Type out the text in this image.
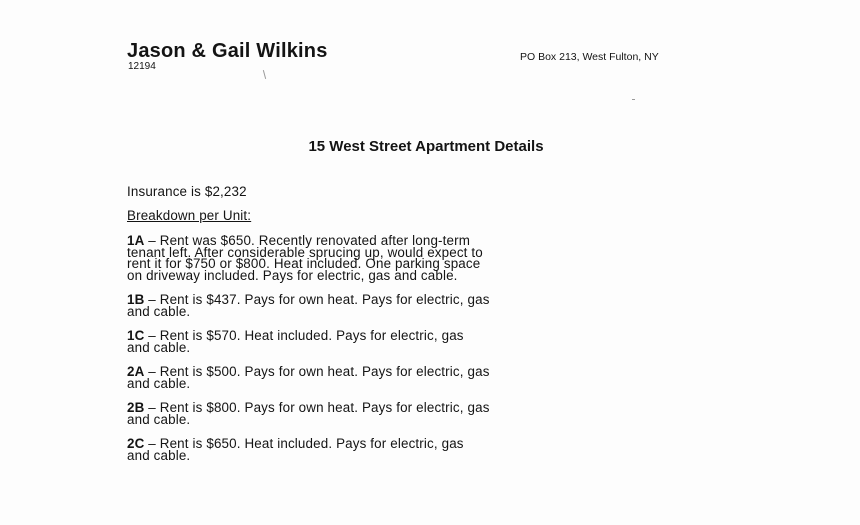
Jason & Gail Wilkins
12194
PO Box 213, West Fulton, NY
15 West Street Apartment Details
Insurance is $2,232
Breakdown per Unit:
1A – Rent was $650. Recently renovated after long-term
tenant left. After considerable sprucing up, would expect to
rent it for $750 or $800. Heat included. One parking space
on driveway included. Pays for electric, gas and cable.
1B – Rent is $437. Pays for own heat. Pays for electric, gas
and cable.
1C – Rent is $570. Heat included. Pays for electric, gas
and cable.
2A – Rent is $500. Pays for own heat. Pays for electric, gas
and cable.
2B – Rent is $800. Pays for own heat. Pays for electric, gas
and cable.
2C – Rent is $650. Heat included. Pays for electric, gas
and cable.
